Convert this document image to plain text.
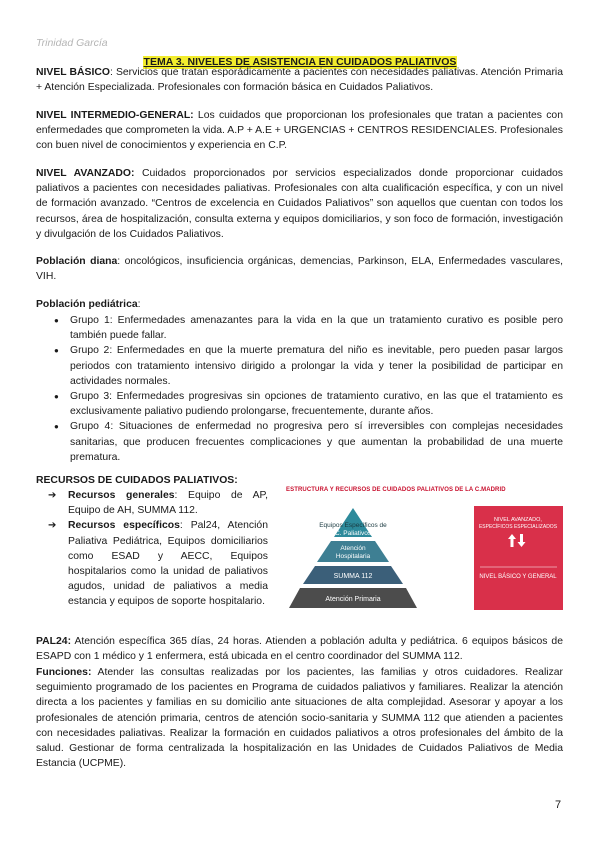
Trinidad García
TEMA 3. NIVELES DE ASISTENCIA EN CUIDADOS PALIATIVOS
NIVEL BÁSICO: Servicios que tratan esporádicamente a pacientes con necesidades paliativas. Atención Primaria + Atención Especializada. Profesionales con formación básica en Cuidados Paliativos.
NIVEL INTERMEDIO-GENERAL: Los cuidados que proporcionan los profesionales que tratan a pacientes con enfermedades que comprometen la vida. A.P + A.E + URGENCIAS + CENTROS RESIDENCIALES. Profesionales con buen nivel de conocimientos y experiencia en C.P.
NIVEL AVANZADO: Cuidados proporcionados por servicios especializados donde proporcionar cuidados paliativos a pacientes con necesidades paliativas. Profesionales con alta cualificación específica, y con un nivel de formación avanzado. “Centros de excelencia en Cuidados Paliativos” son aquellos que cuentan con todos los recursos, área de hospitalización, consulta externa y equipos domiciliarios, y son foco de formación, investigación y divulgación de los Cuidados Paliativos.
Población diana: oncológicos, insuficiencia orgánicas, demencias, Parkinson, ELA, Enfermedades vasculares, VIH.
Población pediátrica:
● Grupo 1: Enfermedades amenazantes para la vida en la que un tratamiento curativo es posible pero también puede fallar.
● Grupo 2: Enfermedades en que la muerte prematura del niño es inevitable, pero pueden pasar largos periodos con tratamiento intensivo dirigido a prolongar la vida y tener la posibilidad de participar en actividades normales.
● Grupo 3: Enfermedades progresivas sin opciones de tratamiento curativo, en las que el tratamiento es exclusivamente paliativo pudiendo prolongarse, frecuentemente, durante años.
● Grupo 4: Situaciones de enfermedad no progresiva pero sí irreversibles con complejas necesidades sanitarias, que producen frecuentes complicaciones y que aumentan la probabilidad de una muerte prematura.
RECURSOS DE CUIDADOS PALIATIVOS:
➔ Recursos generales: Equipo de AP, Equipo de AH, SUMMA 112.
➔ Recursos específicos: Pal24, Atención Paliativa Pediátrica, Equipos domiciliarios como ESAD y AECC, Equipos hospitalarios como la unidad de paliativos agudos, unidad de paliativos a media estancia y equipos de soporte hospitalario.
ESTRUCTURA Y RECURSOS DE CUIDADOS PALIATIVOS DE LA C.MADRID
Equipos Específicos de
C. Paliativos
Atención
Hospitalaria
SUMMA 112
Atención Primaria
NIVEL AVANZADO,
ESPECÍFICOS ESPECIALIZADOS
NIVEL BÁSICO Y GENERAL
PAL24: Atención específica 365 días, 24 horas. Atienden a población adulta y pediátrica. 6 equipos básicos de ESAPD con 1 médico y 1 enfermera, está ubicada en el centro coordinador del SUMMA 112.
Funciones: Atender las consultas realizadas por los pacientes, las familias y otros cuidadores. Realizar seguimiento programado de los pacientes en Programa de cuidados paliativos y familiares. Realizar la atención directa a los pacientes y familias en su domicilio ante situaciones de alta complejidad. Asesorar y apoyar a los profesionales de atención primaria, centros de atención socio-sanitaria y SUMMA 112 que atienden a pacientes con necesidades paliativas. Realizar la formación en cuidados paliativos a otros profesionales del ámbito de la salud. Gestionar de forma centralizada la hospitalización en las Unidades de Cuidados Paliativos de Media Estancia (UCPME).
7
